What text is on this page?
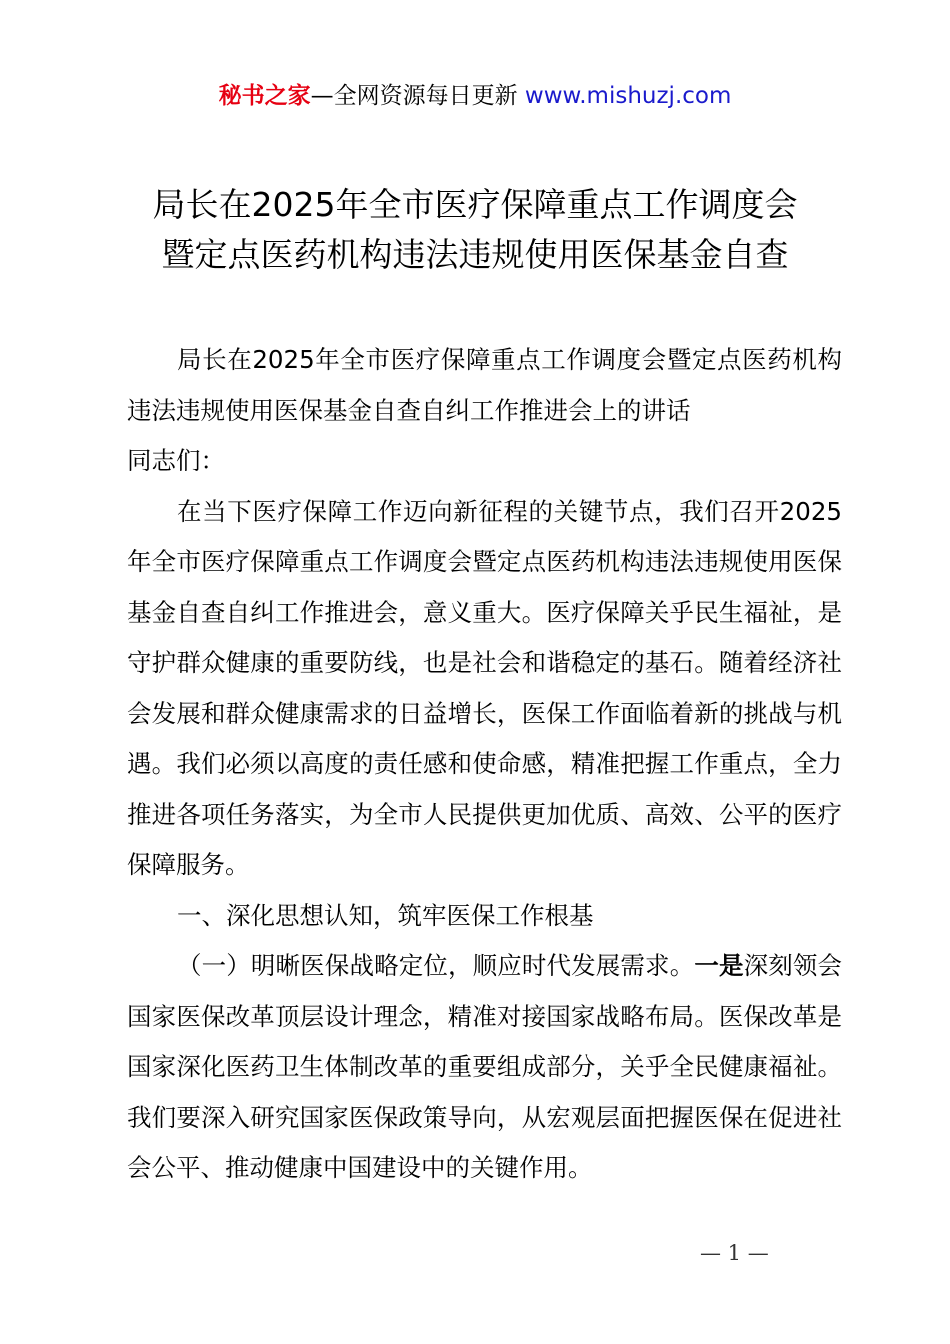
秘书之家—全网资源每日更新 www.mishuzj.com
局长在2025年全市医疗保障重点工作调度会
暨定点医药机构违法违规使用医保基金自查

局长在2025年全市医疗保障重点工作调度会暨定点医药机构违法违规使用医保基金自查自纠工作推进会上的讲话

同志们：

在当下医疗保障工作迈向新征程的关键节点，我们召开2025年全市医疗保障重点工作调度会暨定点医药机构违法违规使用医保基金自查自纠工作推进会，意义重大。医疗保障关乎民生福祉，是守护群众健康的重要防线，也是社会和谐稳定的基石。随着经济社会发展和群众健康需求的日益增长，医保工作面临着新的挑战与机遇。我们必须以高度的责任感和使命感，精准把握工作重点，全力推进各项任务落实，为全市人民提供更加优质、高效、公平的医疗保障服务。

一、深化思想认知，筑牢医保工作根基

（一）明晰医保战略定位，顺应时代发展需求。一是深刻领会国家医保改革顶层设计理念，精准对接国家战略布局。医保改革是国家深化医药卫生体制改革的重要组成部分，关乎全民健康福祉。我们要深入研究国家医保政策导向，从宏观层面把握医保在促进社会公平、推动健康中国建设中的关键作用。

— 1 —
